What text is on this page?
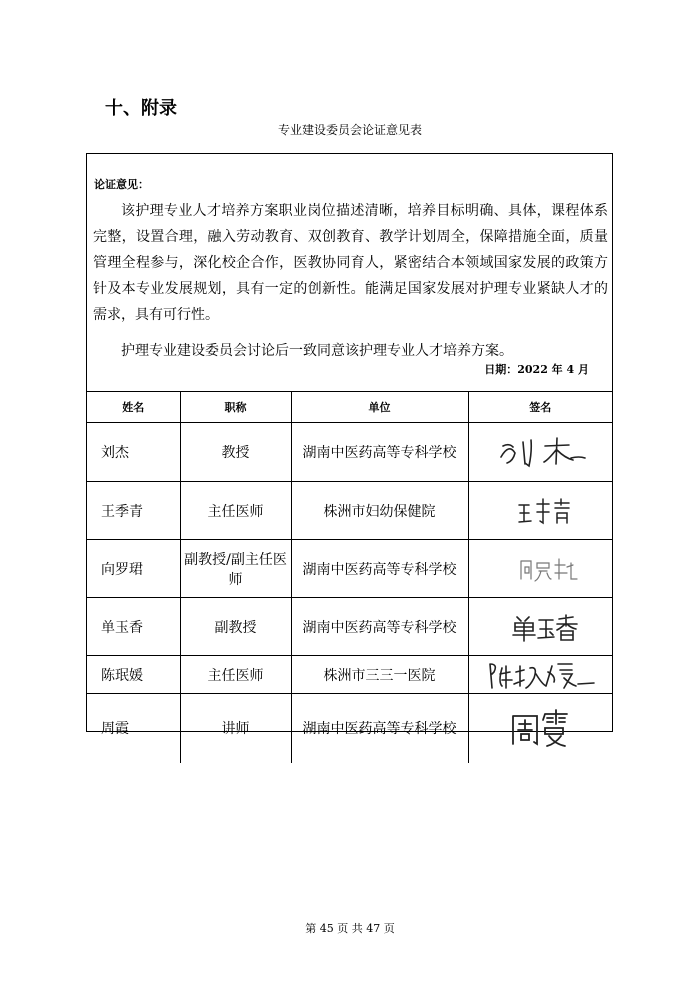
十、附录
专业建设委员会论证意见表
论证意见：

该护理专业人才培养方案职业岗位描述清晰，培养目标明确、具体，课程体系完整，设置合理，融入劳动教育、双创教育、教学计划周全，保障措施全面，质量管理全程参与，深化校企合作，医教协同育人，紧密结合本领域国家发展的政策方针及本专业发展规划，具有一定的创新性。能满足国家发展对护理专业紧缺人才的需求，具有可行性。

护理专业建设委员会讨论后一致同意该护理专业人才培养方案。

日期：2022 年 4 月
姓名	职称	单位	签名
刘杰	教授	湖南中医药高等专科学校	

王季青	主任医师	株洲市妇幼保健院	

向罗珺	副教授/副主任医师	湖南中医药高等专科学校	

单玉香	副教授	湖南中医药高等专科学校	

陈珉媛	主任医师	株洲市三三一医院	

周霞	讲师	湖南中医药高等专科学校	
第 45 页 共 47 页
